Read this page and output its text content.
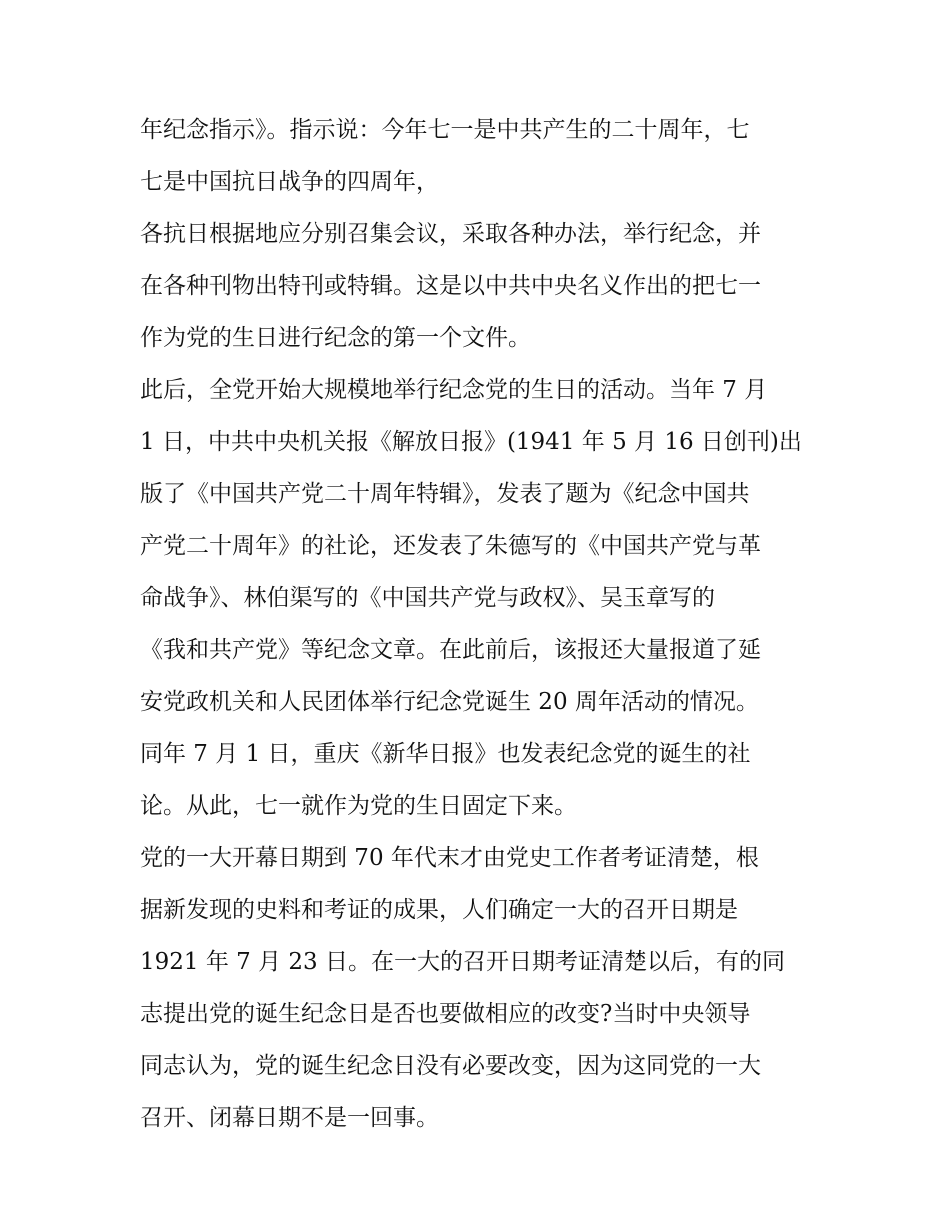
年纪念指示》。指示说：今年七一是中共产生的二十周年，七
七是中国抗日战争的四周年，
各抗日根据地应分别召集会议，采取各种办法，举行纪念，并
在各种刊物出特刊或特辑。这是以中共中央名义作出的把七一
作为党的生日进行纪念的第一个文件。
此后，全党开始大规模地举行纪念党的生日的活动。当年 7 月
1 日，中共中央机关报《解放日报》(1941 年 5 月 16 日创刊)出
版了《中国共产党二十周年特辑》，发表了题为《纪念中国共
产党二十周年》的社论，还发表了朱德写的《中国共产党与革
命战争》、林伯渠写的《中国共产党与政权》、吴玉章写的
《我和共产党》等纪念文章。在此前后，该报还大量报道了延
安党政机关和人民团体举行纪念党诞生 20 周年活动的情况。
同年 7 月 1 日，重庆《新华日报》也发表纪念党的诞生的社
论。从此，七一就作为党的生日固定下来。
党的一大开幕日期到 70 年代末才由党史工作者考证清楚，根
据新发现的史料和考证的成果，人们确定一大的召开日期是
1921 年 7 月 23 日。在一大的召开日期考证清楚以后，有的同
志提出党的诞生纪念日是否也要做相应的改变?当时中央领导
同志认为，党的诞生纪念日没有必要改变，因为这同党的一大
召开、闭幕日期不是一回事。
